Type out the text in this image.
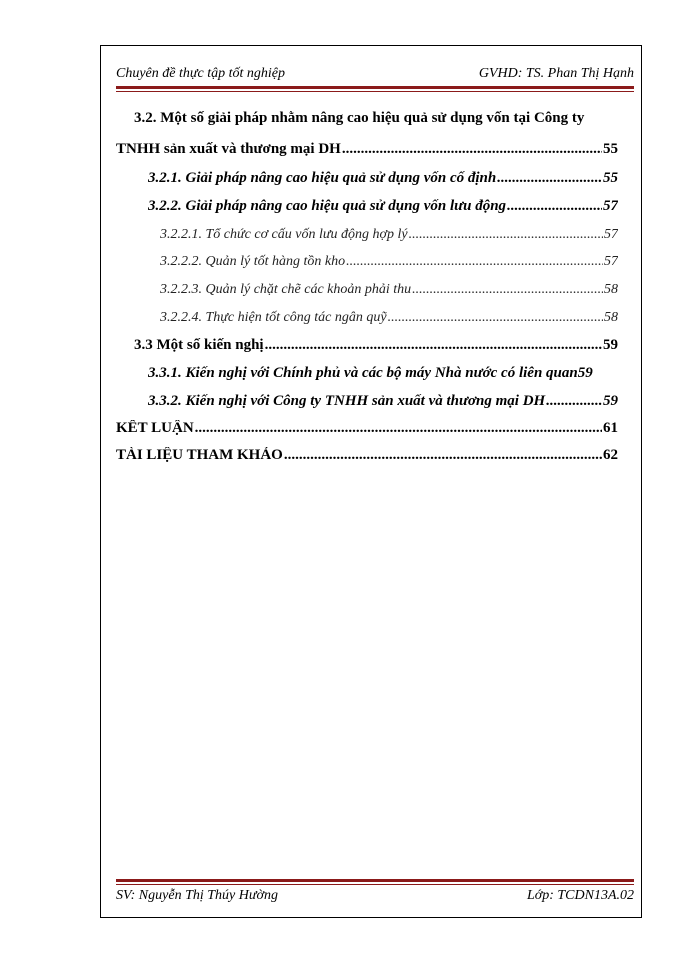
Chuyên đề thực tập tốt nghiệp	GVHD: TS. Phan Thị Hạnh
3.2. Một số giải pháp nhằm nâng cao hiệu quả sử dụng vốn tại Công ty
TNHH sản xuất và thương mại DH .....	55
3.2.1. Giải pháp nâng cao hiệu quả sử dụng vốn cố định .....	55
3.2.2. Giải pháp nâng cao hiệu quả sử dụng vốn lưu động .....	57
3.2.2.1. Tổ chức cơ cấu vốn lưu động hợp lý .....	57
3.2.2.2. Quản lý tốt hàng tồn kho .....	57
3.2.2.3. Quản lý chặt chẽ các khoản phải thu .....	58
3.2.2.4. Thực hiện tốt công tác ngân quỹ .....	58
3.3 Một số kiến nghị .....	59
3.3.1. Kiến nghị với Chính phủ và các bộ máy Nhà nước có liên quan 59
3.3.2. Kiến nghị với Công ty TNHH sản xuất và thương mại DH .....	59
KẾT LUẬN .....	61
TÀI LIỆU THAM KHẢO .....	62
SV: Nguyễn Thị Thúy Hường	Lớp: TCDN13A.02
